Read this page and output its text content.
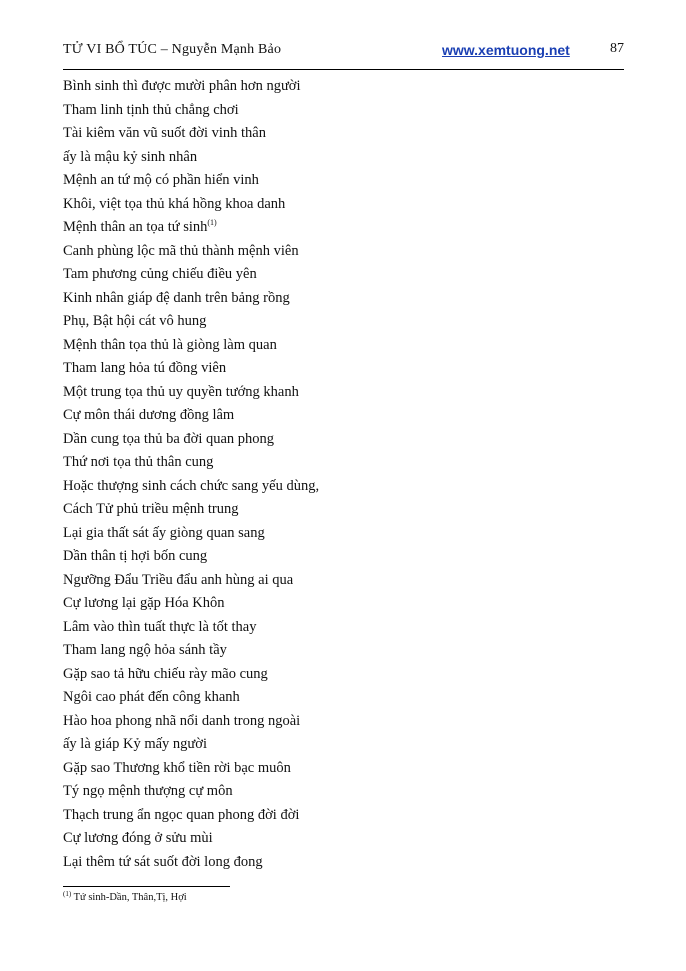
TỬ VI BỔ TÚC – Nguyễn Mạnh Bảo	www.xemtuong.net	87
Bình sinh thì được mười phân hơn người
Tham linh tịnh thủ chẳng chơi
Tài kiêm văn vũ suốt đời vinh thân
ấy là mậu kỷ sinh nhân
Mệnh an tứ mộ có phần hiển vinh
Khôi, việt tọa thủ khá hồng khoa danh
Mệnh thân an tọa tứ $\sinh^{(1)}$
Canh phùng lộc mã thủ thành mệnh viên
Tam phương củng chiếu điều yên
Kinh nhân giáp đệ danh trên bảng rồng
Phụ, Bật hội cát vô hung
Mệnh thân tọa thủ là giòng làm quan
Tham lang hỏa tú đồng viên
Một trung tọa thủ uy quyền tướng khanh
Cự môn thái dương đồng lâm
Dần cung tọa thủ ba đời quan phong
Thứ nơi tọa thủ thân cung
Hoặc thượng sinh cách chức sang yếu dùng,
Cách Tử phủ triều mệnh trung
Lại gia thất sát ấy giòng quan sang
Dần thân tị hợi bốn cung
Ngưỡng Đẩu Triều đẩu anh hùng ai qua
Cự lương lại gặp Hóa Khôn
Lâm vào thìn tuất thực là tốt thay
Tham lang ngộ hỏa sánh tầy
Gặp sao tả hữu chiếu rày mão cung
Ngôi cao phát đến công khanh
Hào hoa phong nhã nổi danh trong ngoài
ấy là giáp Kỷ mấy người
Gặp sao Thương khổ tiền rời bạc muôn
Tý ngọ mệnh thượng cự môn
Thạch trung ẩn ngọc quan phong đời đời
Cự lương đóng ở sửu mùi
Lại thêm tứ sát suốt đời long đong
$^{(1)}$ Tứ sinh-Dần, Thân,Tị, Hợi
